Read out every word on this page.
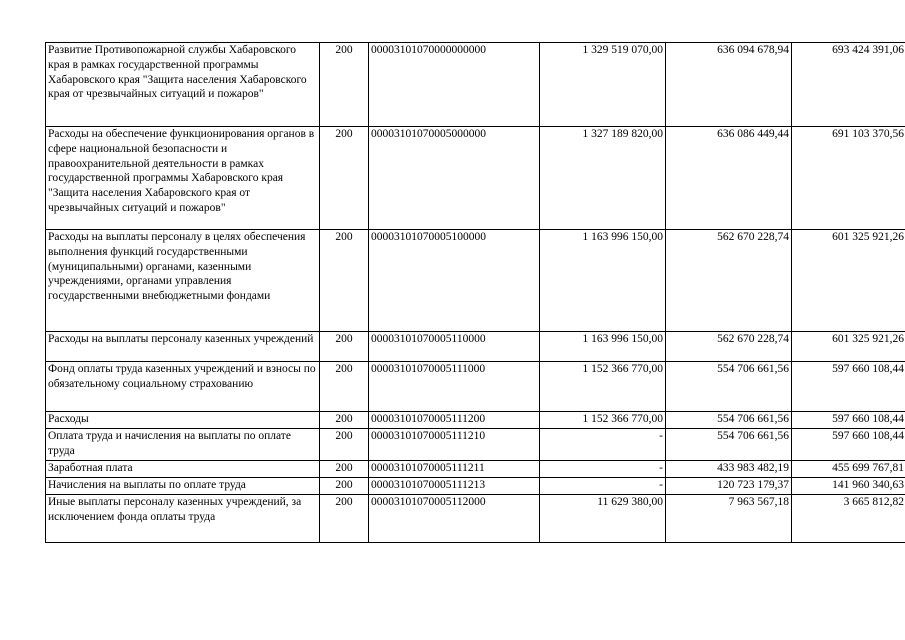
Развитие Противопожарной службы Хабаровского края в рамках государственной программы Хабаровского края "Защита населения Хабаровского края от чрезвычайных ситуаций и пожаров"	200	00003101070000000000	1 329 519 070,00	636 094 678,94	693 424 391,06
Расходы на обеспечение функционирования органов в сфере национальной безопасности и правоохранительной деятельности в рамках государственной программы Хабаровского края "Защита населения Хабаровского края от чрезвычайных ситуаций и пожаров"	200	00003101070005000000	1 327 189 820,00	636 086 449,44	691 103 370,56
Расходы на выплаты персоналу в целях обеспечения выполнения функций государственными (муниципальными) органами, казенными учреждениями, органами управления государственными внебюджетными фондами	200	00003101070005100000	1 163 996 150,00	562 670 228,74	601 325 921,26
Расходы на выплаты персоналу казенных учреждений	200	00003101070005110000	1 163 996 150,00	562 670 228,74	601 325 921,26
Фонд оплаты труда казенных учреждений и взносы по обязательному социальному страхованию	200	00003101070005111000	1 152 366 770,00	554 706 661,56	597 660 108,44
Расходы	200	00003101070005111200	1 152 366 770,00	554 706 661,56	597 660 108,44
Оплата труда и начисления на выплаты по оплате труда	200	00003101070005111210	-	554 706 661,56	597 660 108,44
Заработная плата	200	00003101070005111211	-	433 983 482,19	455 699 767,81
Начисления на выплаты по оплате труда	200	00003101070005111213	-	120 723 179,37	141 960 340,63
Иные выплаты персоналу казенных учреждений, за исключением фонда оплаты труда	200	00003101070005112000	11 629 380,00	7 963 567,18	3 665 812,82
